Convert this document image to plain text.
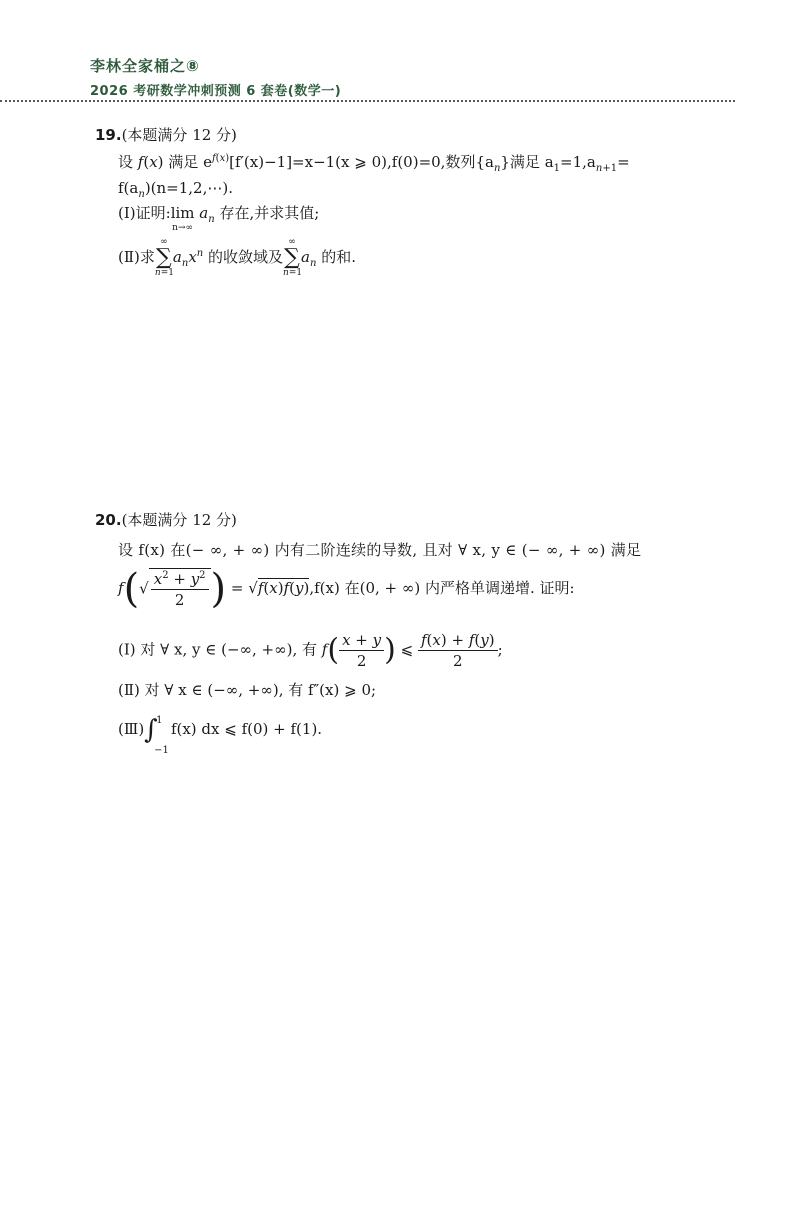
李林全家桶之⑧
2026 考研数学冲刺预测 6 套卷(数学一)
19.(本题满分 12 分)
设 f(x) 满足 $e^{f(x)}[f'(x)-1]=x-1(x$ ⩾ 0),f(0)=0,数列$\{a_n\}$满足 $a_1=1,a_{n+1}=$
$f(a_n)(n=1,2,\cdots)$.
(Ⅰ)证明:lim
n→∞
$a_n$ 存在,并求其值;
(Ⅱ)求
∞
∑
n=1
$a_nx^n$ 的收敛域及
∞
∑
n=1
$a_n$ 的和.
20.(本题满分 12 分)
设 f(x) 在(− ∞, + ∞) 内有二阶连续的导数, 且对 ∀ x, y ∈ (− ∞, + ∞) 满足
$f(√ \frac{x^2 + y^2}{2}$ ) = √f(x)f(y),f(x) 在(0, + ∞) 内严格单调递增. 证明:
(Ⅰ) 对 ∀ x, y ∈ (−∞, +∞), 有 $f( \frac{x + y}{2}$ ) ⩽ $\frac{f(x) + f(y)}{2}$ ;
(Ⅱ) 对 ∀ x ∈ (−∞, +∞), 有 f″(x) ⩾ 0;
(Ⅲ)∫
1
−1
f(x) dx ⩽ f(0) + f(1).
